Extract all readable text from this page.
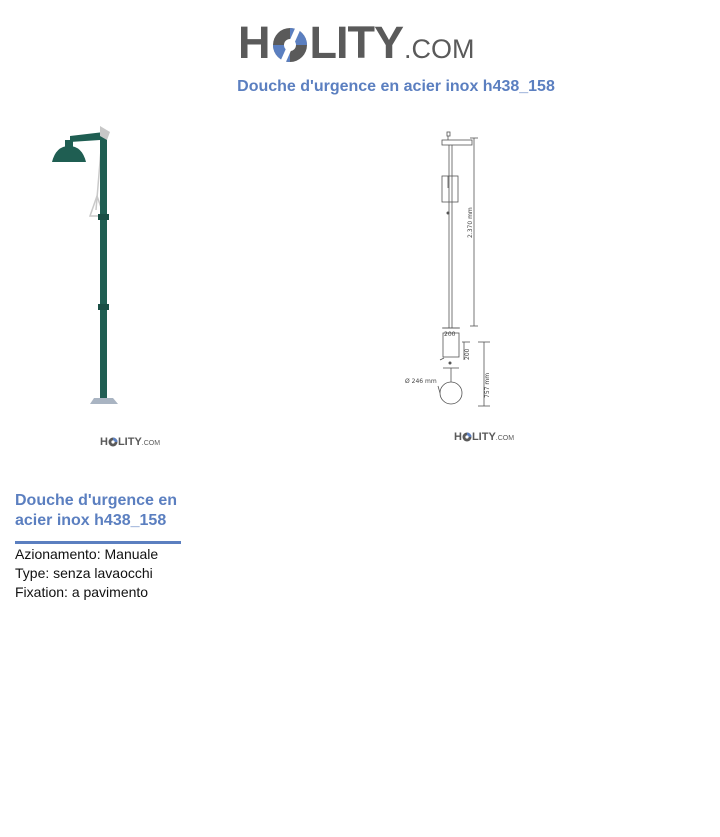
H LITY .COM
Douche d'urgence en acier inox h438_158
H LITY .COM
2.370 mm
200
200
757 mm
Ø 246 mm
H LITY .COM
Douche d'urgence en acier inox h438_158
Azionamento: Manuale
Type: senza lavaocchi
Fixation: a pavimento
